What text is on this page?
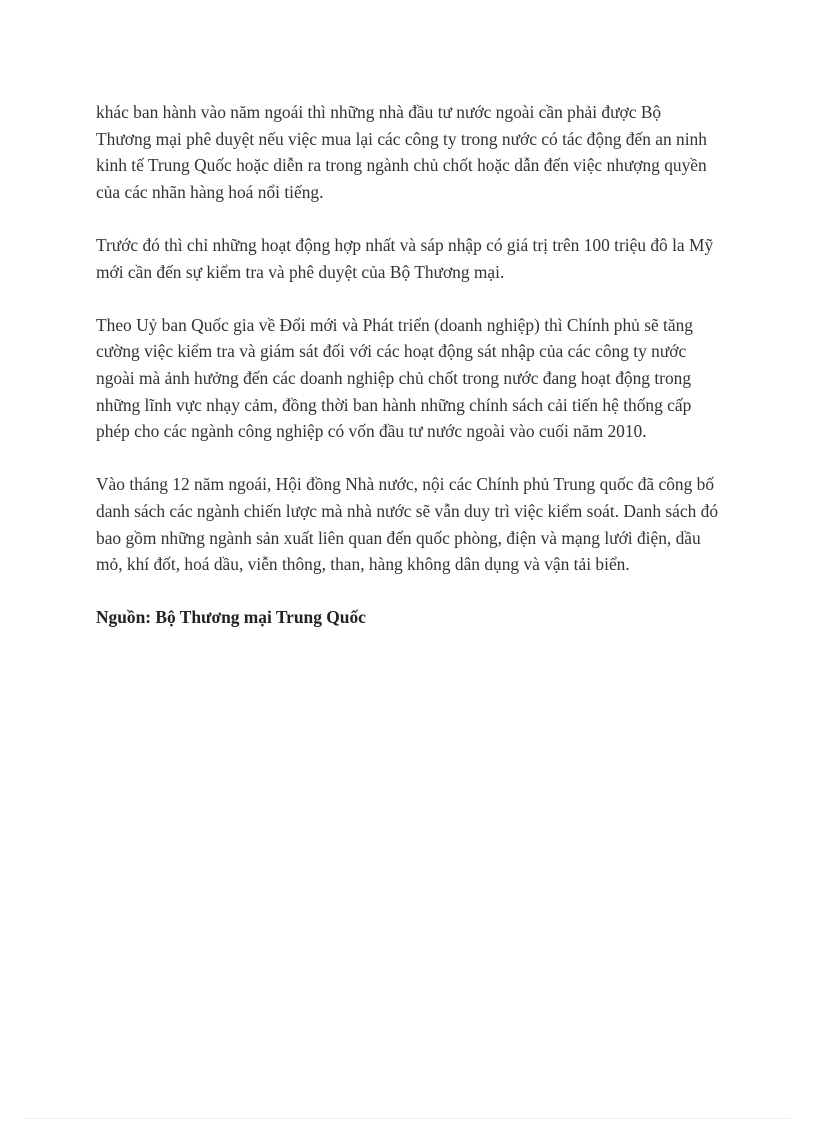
khác ban hành vào năm ngoái thì những nhà đầu tư nước ngoài cần phải được Bộ Thương mại phê duyệt nếu việc mua lại các công ty trong nước có tác động đến an ninh kinh tế Trung Quốc hoặc diễn ra trong ngành chủ chốt hoặc dẫn đến việc nhượng quyền của các nhãn hàng hoá nổi tiếng.

Trước đó thì chỉ những hoạt động hợp nhất và sáp nhập có giá trị trên 100 triệu đô la Mỹ mới cần đến sự kiểm tra và phê duyệt của Bộ Thương mại.

Theo Uỷ ban Quốc gia về Đổi mới và Phát triển (doanh nghiệp) thì Chính phủ sẽ tăng cường việc kiểm tra và giám sát đối với các hoạt động sát nhập của các công ty nước ngoài mà ảnh hưởng đến các doanh nghiệp chủ chốt trong nước đang hoạt động trong những lĩnh vực nhạy cảm, đồng thời ban hành những chính sách cải tiến hệ thống cấp phép cho các ngành công nghiệp có vốn đầu tư nước ngoài vào cuối năm 2010.

Vào tháng 12 năm ngoái, Hội đồng Nhà nước, nội các Chính phủ Trung quốc đã công bố danh sách các ngành chiến lược mà nhà nước sẽ vẫn duy trì việc kiểm soát. Danh sách đó bao gồm những ngành sản xuất liên quan đến quốc phòng, điện và mạng lưới điện, dầu mỏ, khí đốt, hoá dầu, viễn thông, than, hàng không dân dụng và vận tải biển.

Nguồn: Bộ Thương mại Trung Quốc
